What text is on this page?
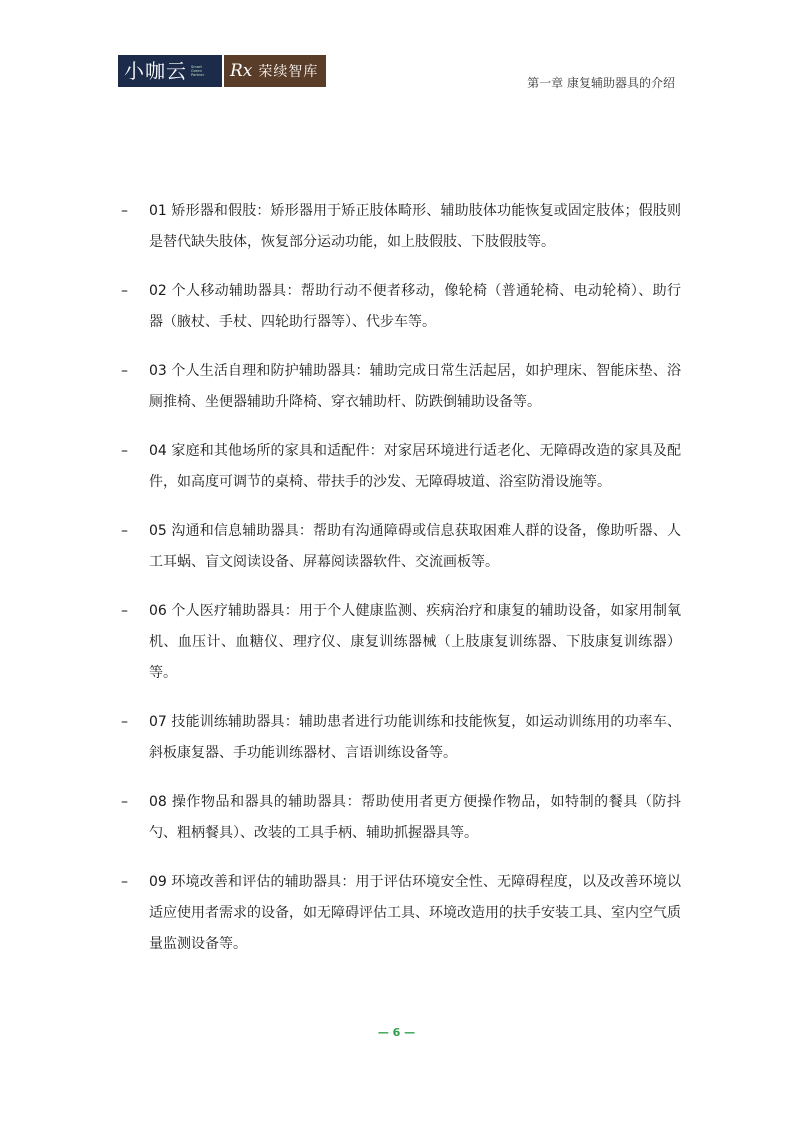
小咖云 Smart
Green
Partner Rx 荣续智库
第一章 康复辅助器具的介绍
–	01 矫形器和假肢：矫形器用于矫正肢体畸形、辅助肢体功能恢复或固定肢体；假肢则是替代缺失肢体，恢复部分运动功能，如上肢假肢、下肢假肢等。
–	02 个人移动辅助器具：帮助行动不便者移动，像轮椅（普通轮椅、电动轮椅）、助行器（腋杖、手杖、四轮助行器等）、代步车等。
–	03 个人生活自理和防护辅助器具：辅助完成日常生活起居，如护理床、智能床垫、浴厕推椅、坐便器辅助升降椅、穿衣辅助杆、防跌倒辅助设备等。
–	04 家庭和其他场所的家具和适配件：对家居环境进行适老化、无障碍改造的家具及配件，如高度可调节的桌椅、带扶手的沙发、无障碍坡道、浴室防滑设施等。
–	05 沟通和信息辅助器具：帮助有沟通障碍或信息获取困难人群的设备，像助听器、人工耳蜗、盲文阅读设备、屏幕阅读器软件、交流画板等。
–	06 个人医疗辅助器具：用于个人健康监测、疾病治疗和康复的辅助设备，如家用制氧机、血压计、血糖仪、理疗仪、康复训练器械（上肢康复训练器、下肢康复训练器）等。
–	07 技能训练辅助器具：辅助患者进行功能训练和技能恢复，如运动训练用的功率车、斜板康复器、手功能训练器材、言语训练设备等。
–	08 操作物品和器具的辅助器具：帮助使用者更方便操作物品，如特制的餐具（防抖勺、粗柄餐具）、改装的工具手柄、辅助抓握器具等。
–	09 环境改善和评估的辅助器具：用于评估环境安全性、无障碍程度，以及改善环境以适应使用者需求的设备，如无障碍评估工具、环境改造用的扶手安装工具、室内空气质量监测设备等。
— 6 —
